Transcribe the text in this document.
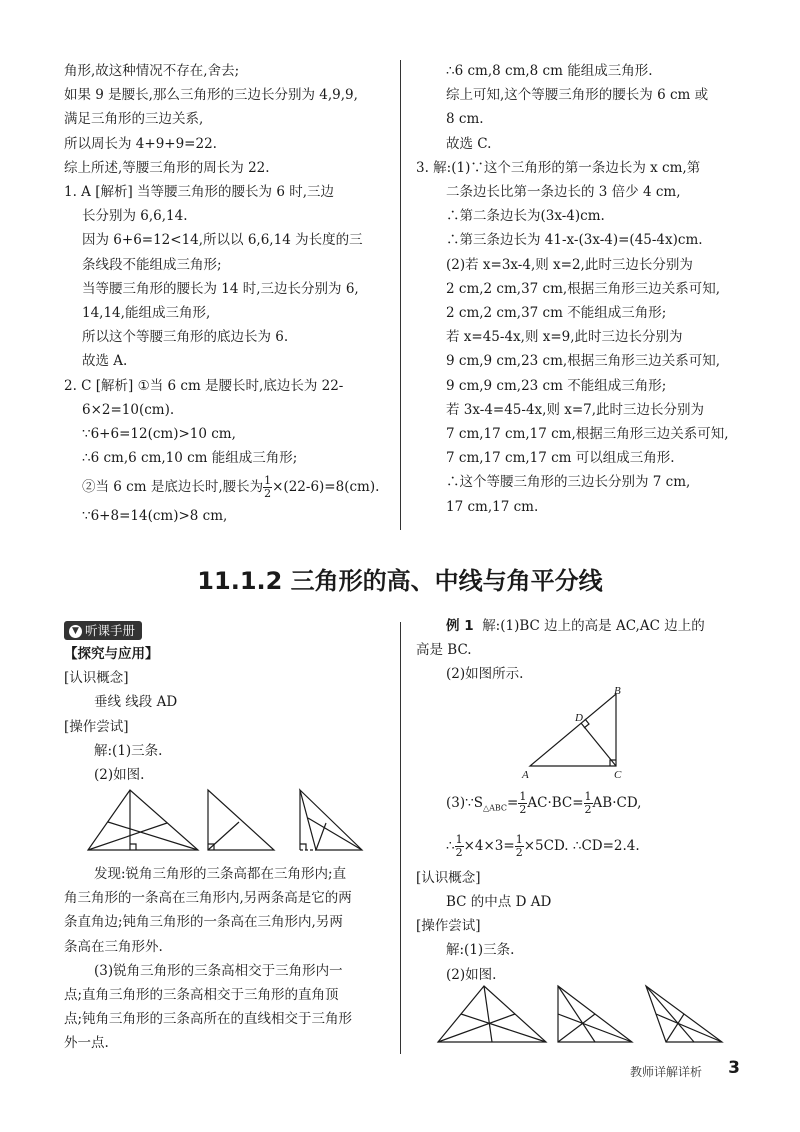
角形,故这种情况不存在,舍去;

如果 9 是腰长,那么三角形的三边长分别为 4,9,9,

满足三角形的三边关系,

所以周长为 4+9+9=22.

综上所述,等腰三角形的周长为 22.

1. A [解析] 当等腰三角形的腰长为 6 时,三边

长分别为 6,6,14.

因为 6+6=12<14,所以以 6,6,14 为长度的三

条线段不能组成三角形;

当等腰三角形的腰长为 14 时,三边长分别为 6,

14,14,能组成三角形,

所以这个等腰三角形的底边长为 6.

故选 A.

2. C [解析] ①当 6 cm 是腰长时,底边长为 22-

6×2=10(cm).

∵6+6=12(cm)>10 cm,

∴6 cm,6 cm,10 cm 能组成三角形;

②当 6 cm 是底边长时,腰长为 $\frac{1}{2} \times(22-6)=8(cm)$.

∵6+8=14(cm)>8 cm,

∴6 cm,8 cm,8 cm 能组成三角形.

综上可知,这个等腰三角形的腰长为 6 cm 或

8 cm.

故选 C.

3. 解:(1)∵这个三角形的第一条边长为 x cm,第

二条边长比第一条边长的 3 倍少 4 cm,

∴第二条边长为(3x-4)cm.

∴第三条边长为 41-x-(3x-4)=(45-4x)cm.

(2)若 x=3x-4,则 x=2,此时三边长分别为

2 cm,2 cm,37 cm,根据三角形三边关系可知,

2 cm,2 cm,37 cm 不能组成三角形;

若 x=45-4x,则 x=9,此时三边长分别为

9 cm,9 cm,23 cm,根据三角形三边关系可知,

9 cm,9 cm,23 cm 不能组成三角形;

若 3x-4=45-4x,则 x=7,此时三边长分别为

7 cm,17 cm,17 cm,根据三角形三边关系可知,

7 cm,17 cm,17 cm 可以组成三角形.

∴这个等腰三角形的三边长分别为 7 cm,

17 cm,17 cm.

11.1.2 三角形的高、中线与角平分线

▼ 听课手册

【探究与应用】

[认识概念]

垂线 线段 AD

[操作尝试]

解:(1)三条.

(2)如图.

发现:锐角三角形的三条高都在三角形内;直

角三角形的一条高在三角形内,另两条高是它的两

条直角边;钝角三角形的一条高在三角形内,另两

条高在三角形外.

(3)锐角三角形的三条高相交于三角形内一

点;直角三角形的三条高相交于三角形的直角顶

点;钝角三角形的三条高所在的直线相交于三角形

外一点.

例 1 解:(1)BC 边上的高是 AC,AC 边上的

高是 BC.

(2)如图所示.

A
B
C
D

$(3)\because S_{\triangle ABC}= \frac{1}{2} AC\cdot BC= \frac{1}{2} AB\cdot CD$,

∴ $\frac{1}{2} \times 4\times 3= \frac{1}{2} \times 5CD$. ∴CD=2.4.

[认识概念]

BC 的中点 D AD

[操作尝试]

解:(1)三条.

(2)如图.

教师详解详析 3
